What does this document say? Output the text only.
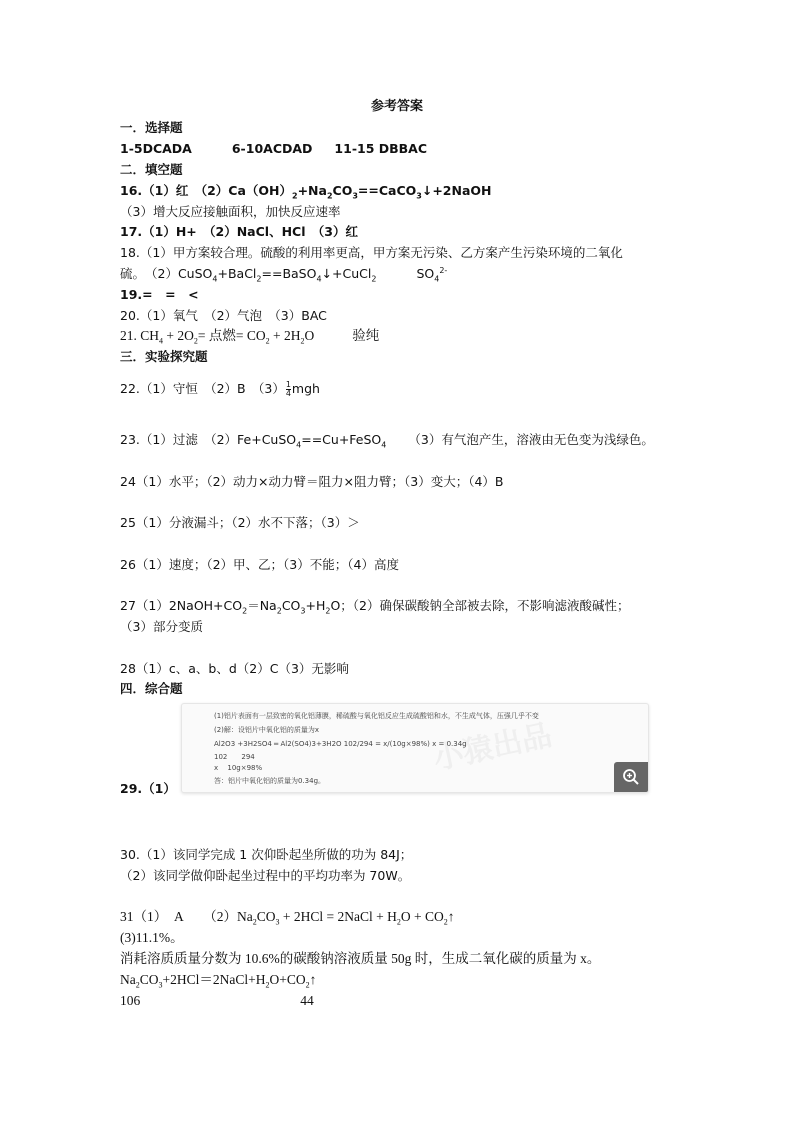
参考答案
一．选择题
1-5DCADA	6-10ACDAD 11-15 DBBAC
二．填空题
16.（1）红　$(2)Ca(OH)_2+Na_2CO_3==CaCO_3↓+2NaOH$
（3）增大反应接触面积，加快反应速率
17.（1）H+　（2）NaCl、HCl　（3）红
18.（1）甲方案较合理。硫酸的利用率更高，甲方案无污染、乙方案产生污染环境的二氧化
硫。　（2）CuSO$_4$+BaCl$_2$==BaSO$_4$↓+CuCl$_2$	$SO_4^{2-}$
19.=　=　<
20.（1）氧气　（2）气泡　（3）BAC
21. $CH_4 + 2O_2=$ 点燃= $CO_2 + 2H_2O$	验纯
三．实验探究题
22.（1）守恒　（2）B　$(3) \frac{1}{4}$ mgh
23.（1）过滤　（2）Fe+CuSO$_4$==Cu+FeSO$_4$ （3）有气泡产生，溶液由无色变为浅绿色。
24（1）水平；（2）动力×动力臂＝阻力×阻力臂；（3）变大；（4）B
25（1）分液漏斗；（2）水不下落；（3）＞
26（1）速度；（2）甲、乙；（3）不能；（4）高度
$27(1)2NaOH+CO_2=Na_2CO_3+H_2O$；（2）确保碳酸钠全部被去除，不影响滤液酸碱性；
（3）部分变质
28（1）c、a、b、d（2）C（3）无影响
四．综合题
小猿出品
(1)铝片表面有一层致密的氧化铝薄膜，稀硫酸与氧化铝反应生成硫酸铝和水，不生成气体，压强几乎不变
(2)解：设铝片中氧化铝的质量为x
Al2O3 +3H2SO4 ═ Al2(SO4)3+3H2O 102/294 = x/(10g×98%) x = 0.34g
102　　294
x　 10g×98%
答：铝片中氧化铝的质量为0.34g。
29.（1）
30.（1）该同学完成 1 次仰卧起坐所做的功为 84J；
（2）该同学做仰卧起坐过程中的平均功率为 70W。
31（1）　A　　$(2)Na_2CO_3 + 2HCl$ = 2NaCl + $H_2O$ + $CO_2↑$
(3)11.1%。
消耗溶质质量分数为 10.6%的碳酸钠溶液质量 50g 时，生成二氧化碳的质量为 x。
$Na_2CO_3+2HCl=2NaCl+H_2O+CO_2↑$
106	44
